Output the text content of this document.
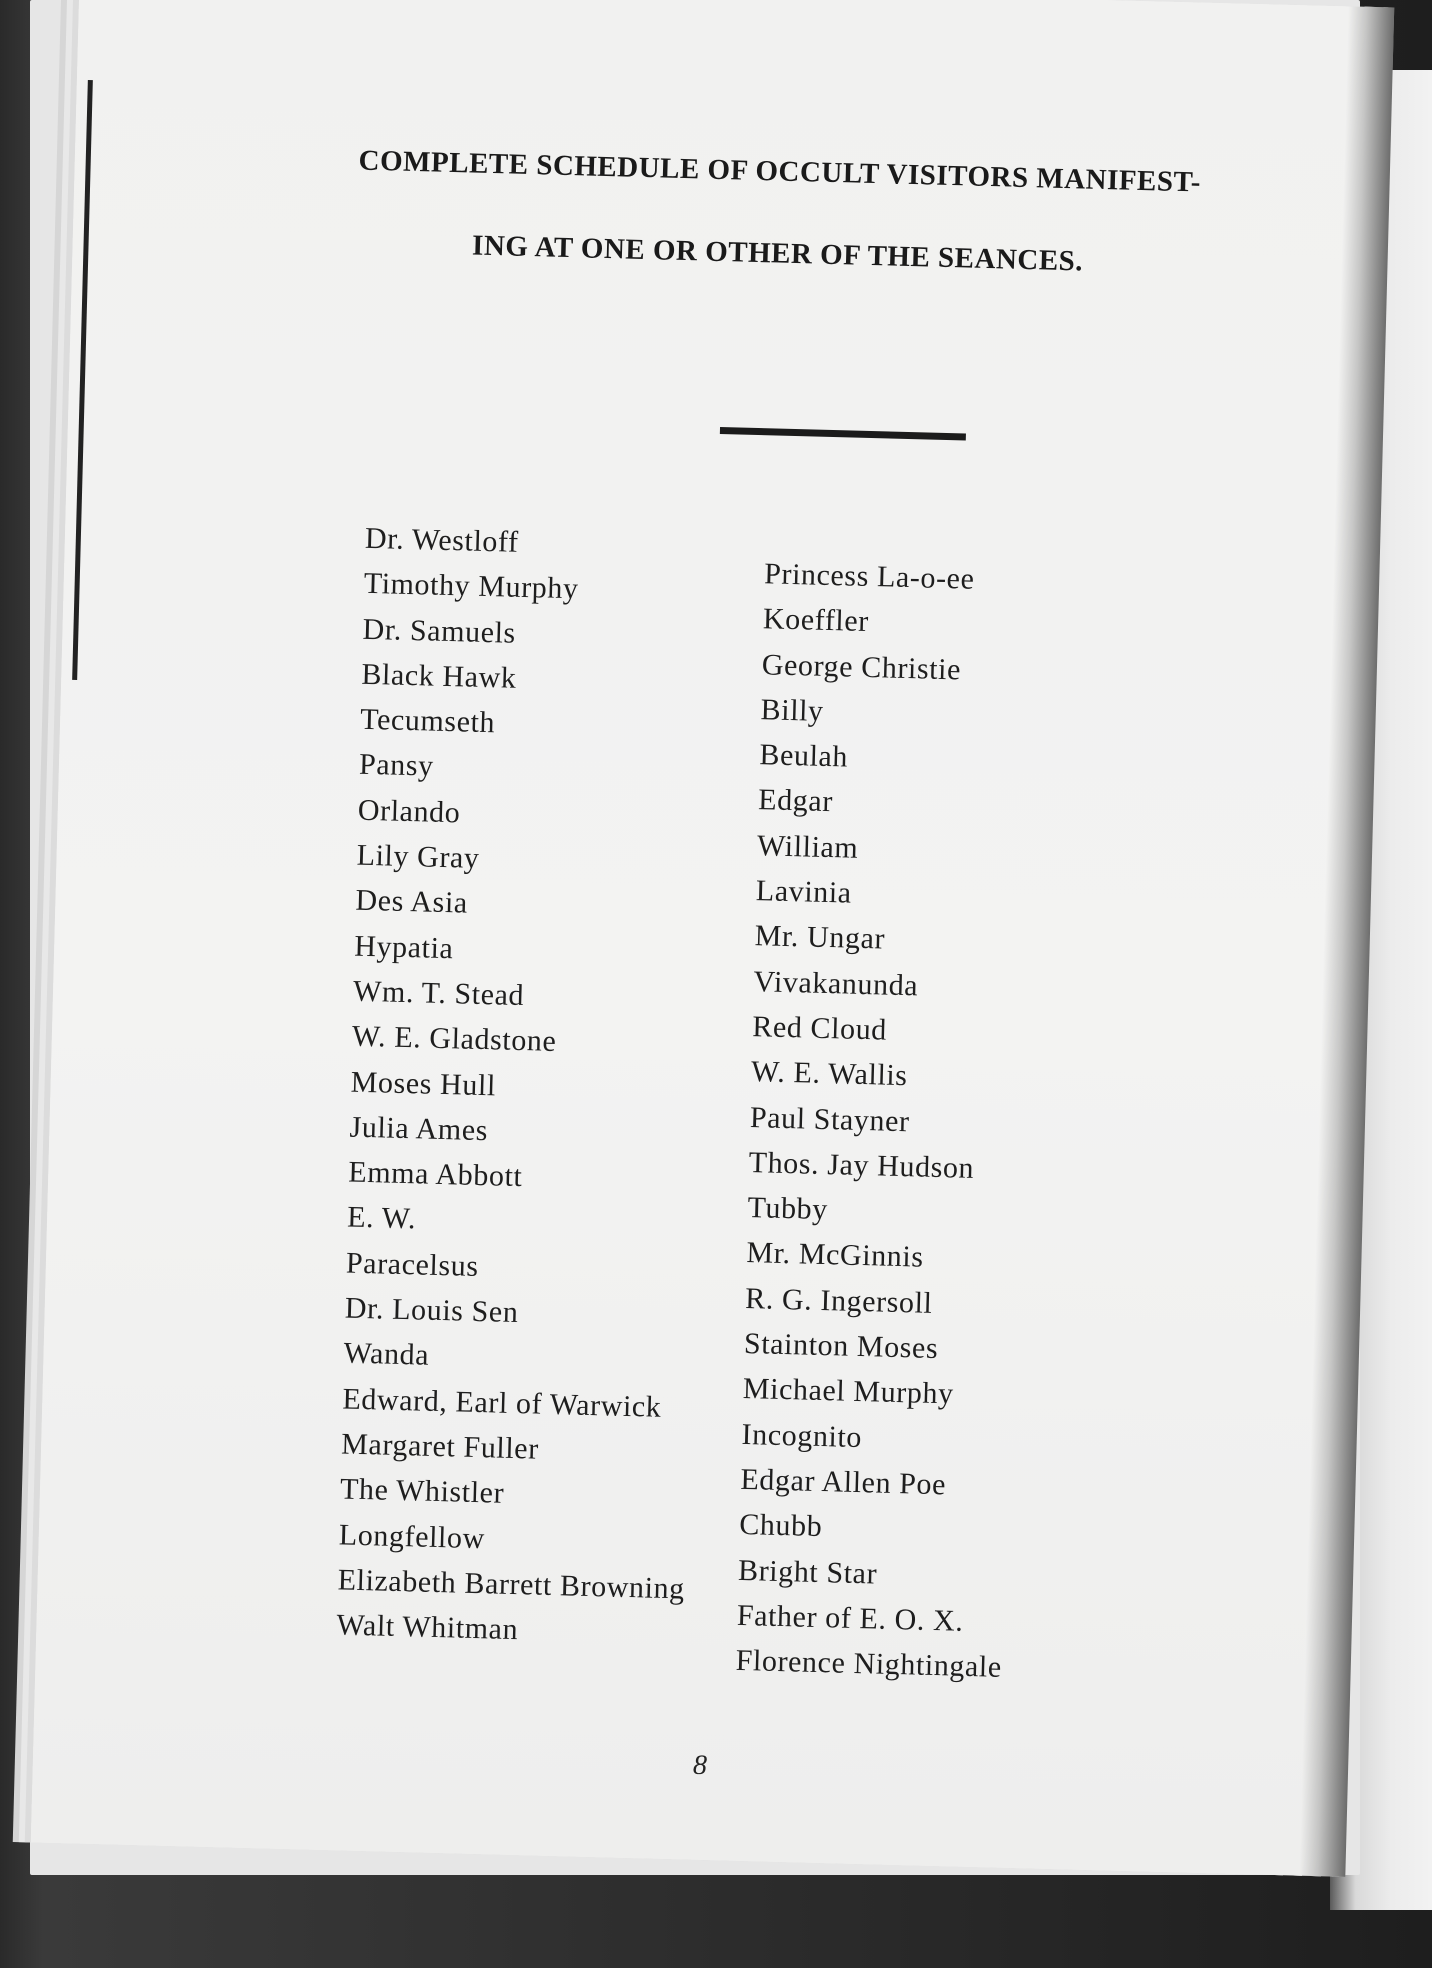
COMPLETE SCHEDULE OF OCCULT VISITORS MANIFEST-
ING AT ONE OR OTHER OF THE SEANCES.
Dr. Westloff
Timothy Murphy
Dr. Samuels
Black Hawk
Tecumseth
Pansy
Orlando
Lily Gray
Des Asia
Hypatia
Wm. T. Stead
W. E. Gladstone
Moses Hull
Julia Ames
Emma Abbott
E. W.
Paracelsus
Dr. Louis Sen
Wanda
Edward, Earl of Warwick
Margaret Fuller
The Whistler
Longfellow
Elizabeth Barrett Browning
Walt Whitman
Princess La-o-ee
Koeffler
George Christie
Billy
Beulah
Edgar
William
Lavinia
Mr. Ungar
Vivakanunda
Red Cloud
W. E. Wallis
Paul Stayner
Thos. Jay Hudson
Tubby
Mr. McGinnis
R. G. Ingersoll
Stainton Moses
Michael Murphy
Incognito
Edgar Allen Poe
Chubb
Bright Star
Father of E. O. X.
Florence Nightingale
8
